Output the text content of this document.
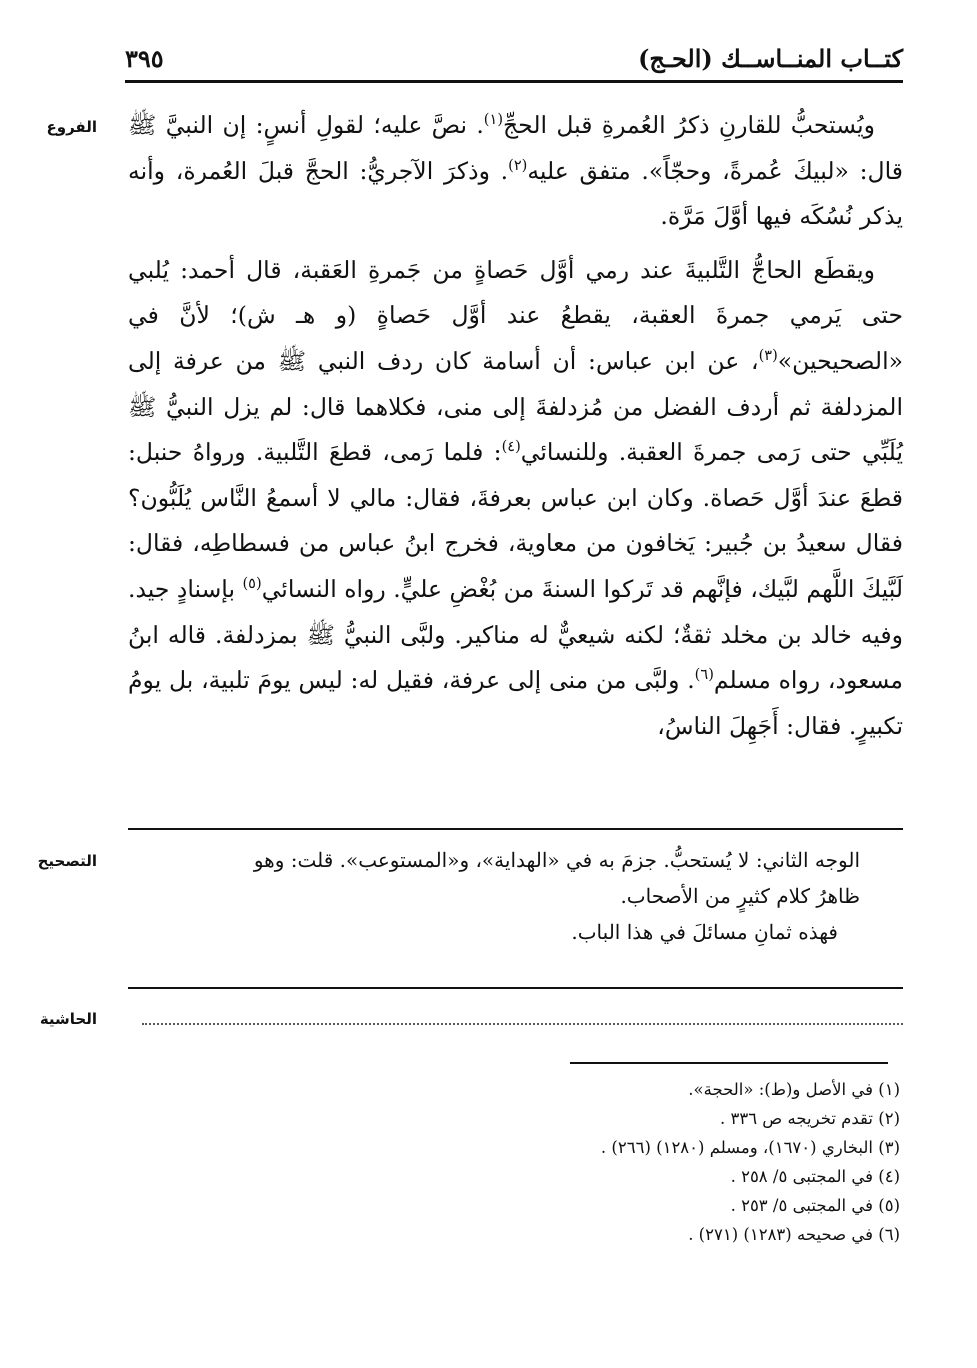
٣٩٥	كتــاب المنــاســك (الحـج)
الفروع	ويُستحبُّ للقارنِ ذكرُ العُمرةِ قبل الحجِّ$^{(١)}$. نصَّ عليه؛ لقولِ أنسٍ: إن النبيَّ ﷺ قال: «لبيكَ عُمرةً، وحجّاً». متفق عليه$^{(٢)}$. وذكرَ الآجريُّ: الحجَّ قبلَ العُمرة، وأنه يذكر نُسُكَه فيها أوَّلَ مَرَّة.

ويقطَع الحاجُّ التَّلبيةَ عند رمي أوَّل حَصاةٍ من جَمرةِ العَقبة، قال أحمد: يُلبي حتى يَرمي جمرةَ العقبة، يقطعُ عند أوَّل حَصاةٍ (و هـ ش)؛ لأنَّ في «الصحيحين»$^{(٣)}$، عن ابن عباس: أن أسامة كان ردف النبي ﷺ من عرفة إلى المزدلفة ثم أردف الفضل من مُزدلفةَ إلى منى، فكلاهما قال: لم يزل النبيُّ ﷺ يُلَبِّي حتى رَمى جمرةَ العقبة. وللنسائي$^{(٤)}$: فلما رَمى، قطعَ التَّلبية. ورواهُ حنبل: قطعَ عندَ أوَّل حَصاة. وكان ابن عباس بعرفةَ، فقال: مالي لا أسمعُ النَّاس يُلَبُّون؟ فقال سعيدُ بن جُبير: يَخافون من معاوية، فخرج ابنُ عباس من فسطاطِه، فقال: لَبَّيكَ اللَّهم لبَّيك، فإنَّهم قد تَركوا السنةَ من بُغْضِ عليٍّ. رواه النسائي$^{(٥)}$ بإسنادٍ جيد. وفيه خالد بن مخلد ثقةٌ؛ لكنه شيعيٌّ له مناكير. ولبَّى النبيُّ ﷺ بمزدلفة. قاله ابنُ مسعود، رواه مسلم$^{(٦)}$. ولبَّى من منى إلى عرفة، فقيل له: ليس يومَ تلبية، بل يومُ تكبيرٍ. فقال: أَجَهِلَ الناسُ،

التصحيح	الوجه الثاني: لا يُستحبُّ. جزمَ به في «الهداية»، و«المستوعب». قلت: وهو

ظاهرُ كلام كثيرٍ من الأصحاب.

فهذه ثمانِ مسائلَ في هذا الباب.

الحاشية
(١) في الأصل و(ط): «الحجة».
(٢) تقدم تخريجه ص ٣٣٦ .
(٣) البخاري (١٦٧٠)، ومسلم (١٢٨٠) (٢٦٦) .
(٤) في المجتبى ٥/ ٢٥٨ .
(٥) في المجتبى ٥/ ٢٥٣ .
(٦) في صحيحه (١٢٨٣) (٢٧١) .
